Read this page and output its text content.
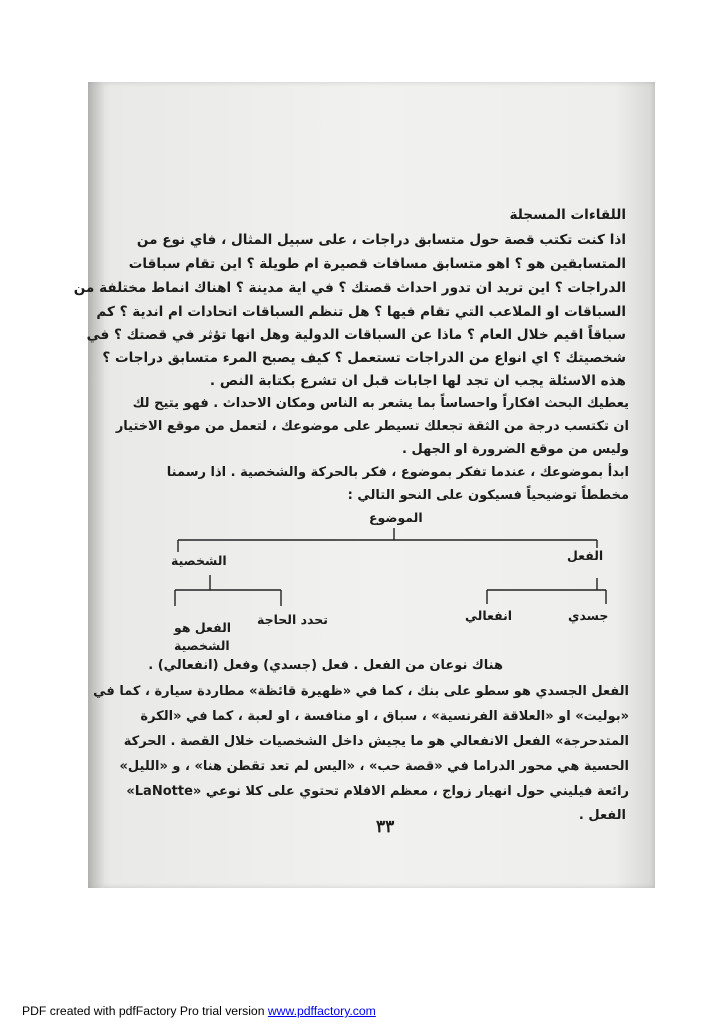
اللقاءات المسجلة
اذا كنت تكتب قصة حول متسابق دراجات ، على سبيل المثال ، فاي نوع من
المتسابقين هو ؟ اهو متسابق مسافات قصيرة ام طويلة ؟ اين تقام سباقات
الدراجات ؟ اين تريد ان تدور احداث قصتك ؟ في اية مدينة ؟ اهناك انماط مختلفة من
السباقات او الملاعب التي تقام فيها ؟ هل تنظم السباقات اتحادات ام اندية ؟ كم
سباقاً اقيم خلال العام ؟ ماذا عن السباقات الدولية وهل انها تؤثر في قصتك ؟ في
شخصيتك ؟ اي انواع من الدراجات تستعمل ؟ كيف يصبح المرء متسابق دراجات ؟
هذه الاسئلة يجب ان تجد لها اجابات قبل ان تشرع بكتابة النص .
يعطيك البحث افكاراً واحساساً بما يشعر به الناس ومكان الاحداث . فهو يتيح لك
ان تكتسب درجة من الثقة تجعلك تسيطر على موضوعك ، لتعمل من موقع الاختيار
وليس من موقع الضرورة او الجهل .
ابدأ بموضوعك ، عندما تفكر بموضوع ، فكر بالحركة والشخصية . اذا رسمنا
مخططاً توضيحياً فسيكون على النحو التالي :
الموضوع
الفعل
الشخصية
جسدي
انفعالي
تحدد الحاجة
الفعل هو
الشخصية
هناك نوعان من الفعل . فعل (جسدي) وفعل (انفعالي) .
الفعل الجسدي هو سطو على بنك ، كما في «ظهيرة قائظة» مطاردة سيارة ، كما في
«بوليت» او «العلاقة الفرنسية» ، سباق ، او منافسة ، او لعبة ، كما في «الكرة
المتدحرجة» الفعل الانفعالي هو ما يجيش داخل الشخصيات خلال القصة . الحركة
الحسية هي محور الدراما في «قصة حب» ، «اليس لم تعد تقطن هنا» ، و «الليل»
«LaNotte» رائعة فيليني حول انهيار زواج ، معظم الافلام تحتوي على كلا نوعي
الفعل .
٣٣
PDF created with pdfFactory Pro trial version www.pdffactory.com
